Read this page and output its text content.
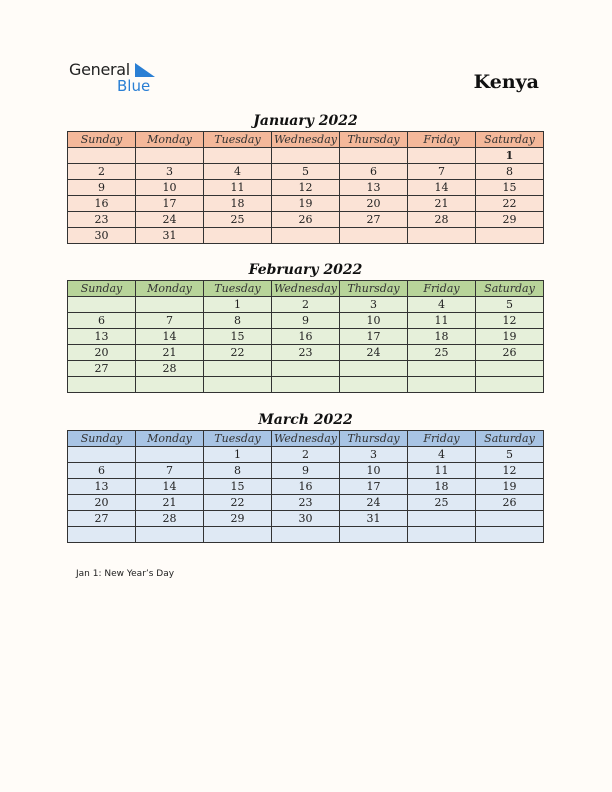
General
Blue	Kenya
January 2022
Sunday	Monday	Tuesday	Wednesday	Thursday	Friday	Saturday
						1
2	3	4	5	6	7	8
9	10	11	12	13	14	15
16	17	18	19	20	21	22
23	24	25	26	27	28	29
30	31					
February 2022
Sunday	Monday	Tuesday	Wednesday	Thursday	Friday	Saturday
		1	2	3	4	5
6	7	8	9	10	11	12
13	14	15	16	17	18	19
20	21	22	23	24	25	26
27	28					

March 2022
Sunday	Monday	Tuesday	Wednesday	Thursday	Friday	Saturday
		1	2	3	4	5
6	7	8	9	10	11	12
13	14	15	16	17	18	19
20	21	22	23	24	25	26
27	28	29	30	31		

Jan 1: New Year’s Day
